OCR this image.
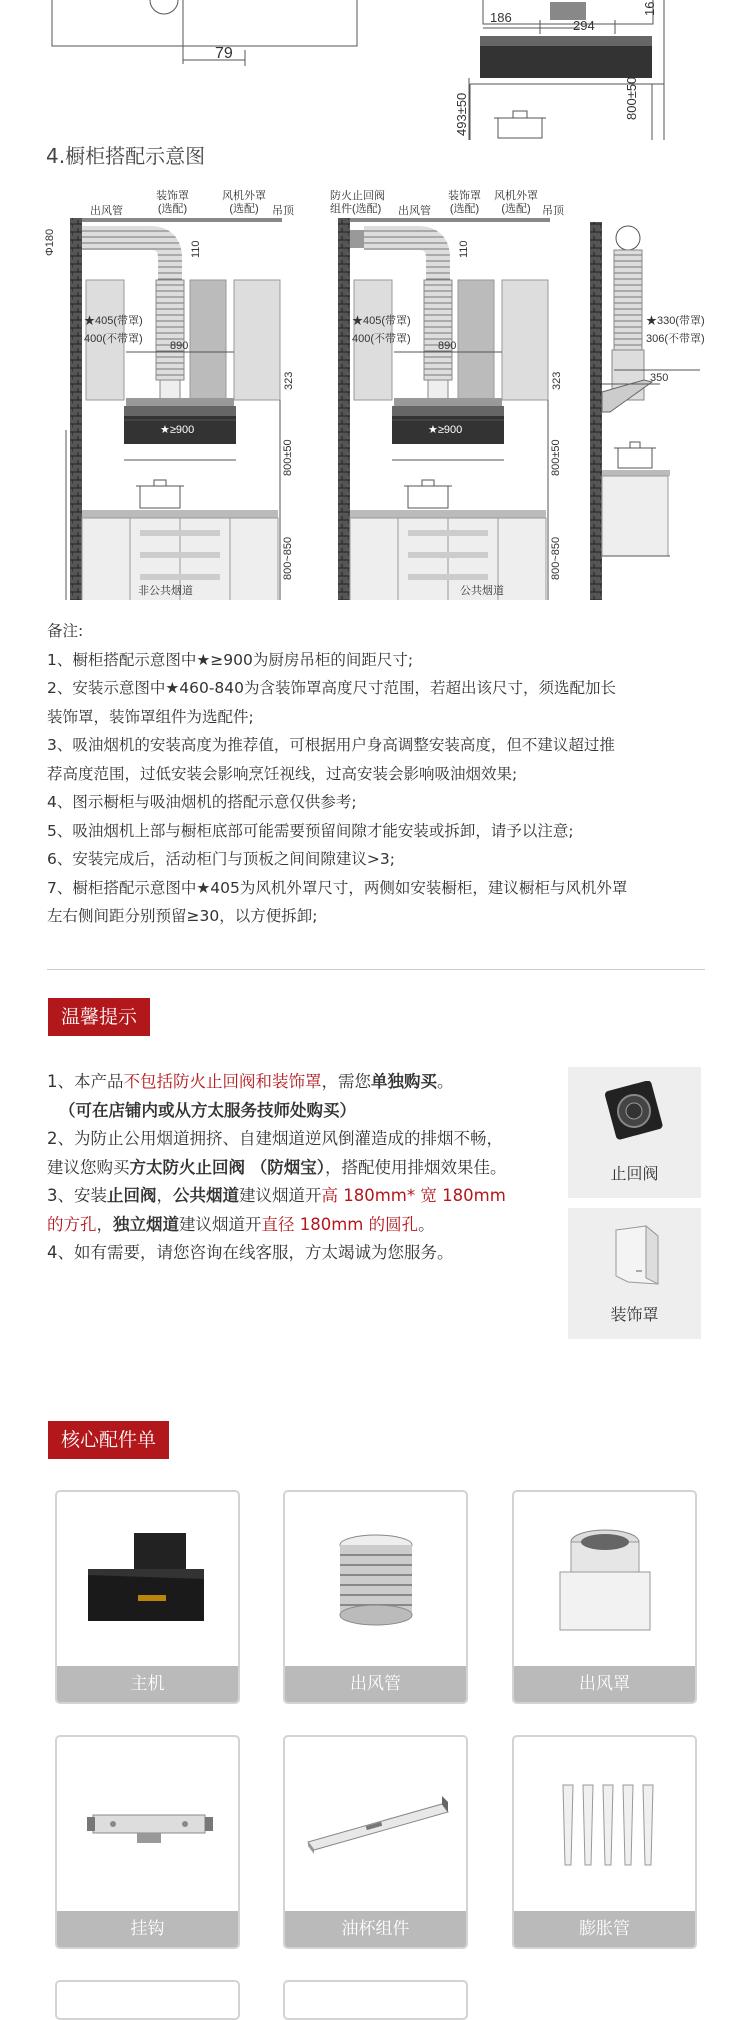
79
186
294
16
493±50	800±50
4.橱柜搭配示意图
出风管
装饰罩
(选配)
风机外罩
(选配)	吊顶
Φ180	110
★405(带罩)
400(不带罩)
890
323
★≥900
800±50
800~850
非公共烟道
防火止回阀
组件(选配)	出风管
装饰罩
(选配)
风机外罩
(选配)	吊顶
110
★405(带罩)
400(不带罩)
890
323
★≥900
800±50
800~850
公共烟道
★330(带罩)
306(不带罩)
350
备注:
1、橱柜搭配示意图中★≥900为厨房吊柜的间距尺寸;
2、安装示意图中★460-840为含装饰罩高度尺寸范围，若超出该尺寸，须选配加长
装饰罩，装饰罩组件为选配件;
3、吸油烟机的安装高度为推荐值，可根据用户身高调整安装高度，但不建议超过推
荐高度范围，过低安装会影响烹饪视线，过高安装会影响吸油烟效果;
4、图示橱柜与吸油烟机的搭配示意仅供参考;
5、吸油烟机上部与橱柜底部可能需要预留间隙才能安装或拆卸，请予以注意;
6、安装完成后，活动柜门与顶板之间间隙建议>3;
7、橱柜搭配示意图中★405为风机外罩尺寸，两侧如安装橱柜，建议橱柜与风机外罩
左右侧间距分别预留≥30，以方便拆卸;
温馨提示
1、本产品不包括防火止回阀和装饰罩，需您单独购买。
（可在店铺内或从方太服务技师处购买）
2、为防止公用烟道拥挤、自建烟道逆风倒灌造成的排烟不畅，建议您购买方太防火止回阀 （防烟宝），搭配使用排烟效果佳。
3、安装止回阀，公共烟道建议烟道开高 180mm* 宽 180mm 的方孔，独立烟道建议烟道开直径 180mm 的圆孔。
4、如有需要，请您咨询在线客服，方太竭诚为您服务。
止回阀
装饰罩
核心配件单
主机	出风管	出风罩
挂钩	油杯组件	膨胀管
